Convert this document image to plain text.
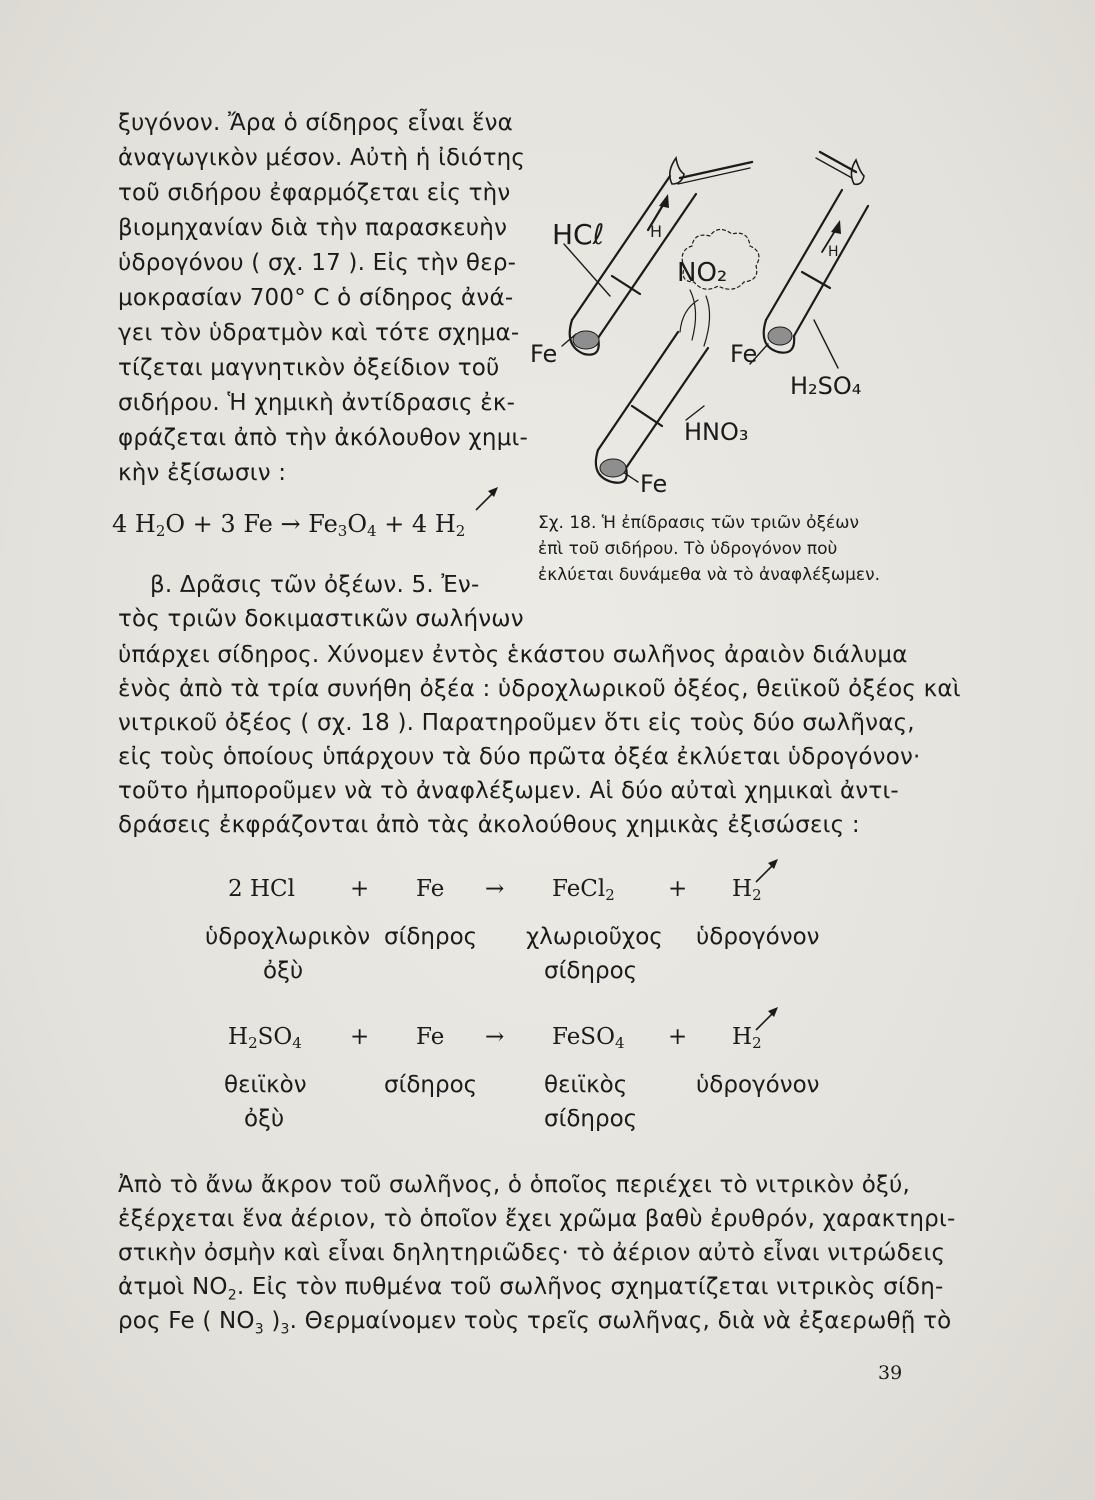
ξυγόνον. Ἄρα ὁ σίδηρος εἶναι ἕνα
ἀναγωγικὸν μέσον. Αὐτὴ ἡ ἰδιότης
τοῦ σιδήρου ἐφαρμόζεται εἰς τὴν
βιομηχανίαν διὰ τὴν παρασκευὴν
ὑδρογόνου ( σχ. 17 ). Εἰς τὴν θερ-
μοκρασίαν 700° C ὁ σίδηρος ἀνά-
γει τὸν ὑδρατμὸν καὶ τότε σχημα-
τίζεται μαγνητικὸν ὀξείδιον τοῦ
σιδήρου. Ἡ χημικὴ ἀντίδρασις ἐκ-
φράζεται ἀπὸ τὴν ἀκόλουθον χημι-
κὴν ἐξίσωσιν :
4 $H_2O + 3$ $Fe \to Fe_3O_4 + 4$ $H_2$
β. Δρᾶσις τῶν ὀξέων. 5. Ἐν-
τὸς τριῶν δοκιμαστικῶν σωλήνων
HCℓ
NO₂
Fe	Fe
H₂SO₄
HNO₃
Fe
H
H
Σχ. 18. Ἡ ἐπίδρασις τῶν τριῶν ὀξέων
ἐπὶ τοῦ σιδήρου. Τὸ ὑδρογόνον ποὺ
ἐκλύεται δυνάμεθα νὰ τὸ ἀναφλέξωμεν.
ὑπάρχει σίδηρος. Χύνομεν ἐντὸς ἑκάστου σωλῆνος ἀραιὸν διάλυμα
ἑνὸς ἀπὸ τὰ τρία συνήθη ὀξέα : ὑδροχλωρικοῦ ὀξέος, θειϊκοῦ ὀξέος καὶ
νιτρικοῦ ὀξέος ( σχ. 18 ). Παρατηροῦμεν ὅτι εἰς τοὺς δύο σωλῆνας,
εἰς τοὺς ὁποίους ὑπάρχουν τὰ δύο πρῶτα ὀξέα ἐκλύεται ὑδρογόνον·
τοῦτο ἠμποροῦμεν νὰ τὸ ἀναφλέξωμεν. Αἱ δύο αὐταὶ χημικαὶ ἀντι-
δράσεις ἐκφράζονται ἀπὸ τὰς ἀκολούθους χημικὰς ἐξισώσεις :
2 HCl + Fe → FeCl$_2$ + $H_2$
ὑδροχλωρικὸν
ὀξὺ
σίδηρος χλωριοῦχος
σίδηρος
ὑδρογόνον
$H_2SO_4 + Fe$ → FeSO$_4$ + $H_2$
θειϊκὸν
ὀξὺ
σίδηρος	θειϊκὸς
σίδηρος
ὑδρογόνον
Ἀπὸ τὸ ἄνω ἄκρον τοῦ σωλῆνος, ὁ ὁποῖος περιέχει τὸ νιτρικὸν ὀξύ,
ἐξέρχεται ἕνα ἀέριον, τὸ ὁποῖον ἔχει χρῶμα βαθὺ ἐρυθρόν, χαρακτηρι-
στικὴν ὀσμὴν καὶ εἶναι δηλητηριῶδες· τὸ ἀέριον αὐτὸ εἶναι νιτρώδεις
ἀτμοὶ $NO_2$. Εἰς τὸν πυθμένα τοῦ σωλῆνος σχηματίζεται νιτρικὸς σίδη-
ρος Fe ( $NO_3$ )$_3$. Θερμαίνομεν τοὺς τρεῖς σωλῆνας, διὰ νὰ ἐξαερωθῇ τὸ
39
